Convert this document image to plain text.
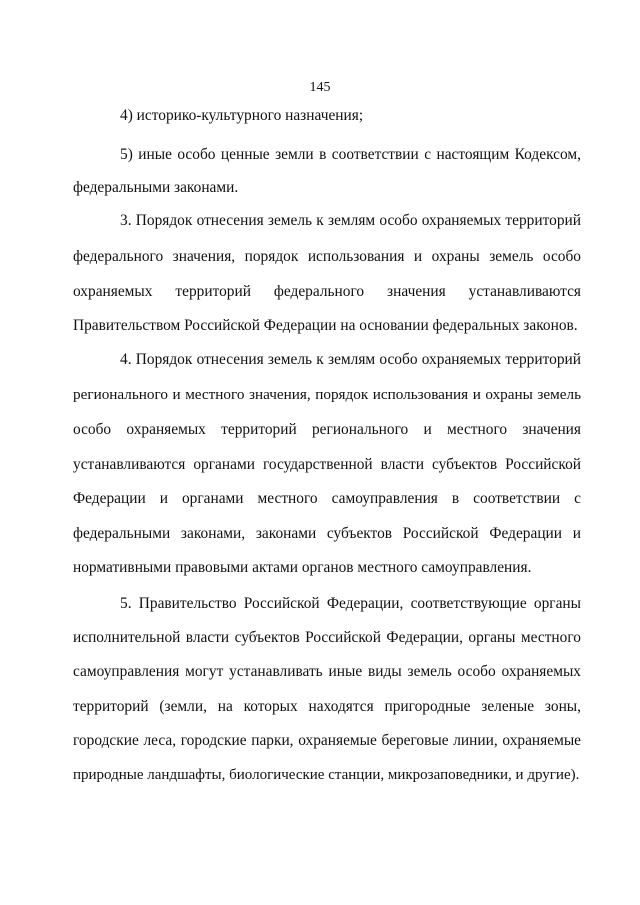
145
4) историко-культурного назначения;
5) иные особо ценные земли в соответствии с настоящим Кодексом,
федеральными законами.
3. Порядок отнесения земель к землям особо охраняемых территорий
федерального значения, порядок использования и охраны земель особо
охраняемых территорий федерального значения устанавливаются
Правительством Российской Федерации на основании федеральных законов.
4. Порядок отнесения земель к землям особо охраняемых территорий
регионального и местного значения, порядок использования и охраны земель
особо охраняемых территорий регионального и местного значения
устанавливаются органами государственной власти субъектов Российской
Федерации и органами местного самоуправления в соответствии с
федеральными законами, законами субъектов Российской Федерации и
нормативными правовыми актами органов местного самоуправления.
5. Правительство Российской Федерации, соответствующие органы
исполнительной власти субъектов Российской Федерации, органы местного
самоуправления могут устанавливать иные виды земель особо охраняемых
территорий (земли, на которых находятся пригородные зеленые зоны,
городские леса, городские парки, охраняемые береговые линии, охраняемые
природные ландшафты, биологические станции, микрозаповедники, и другие).
